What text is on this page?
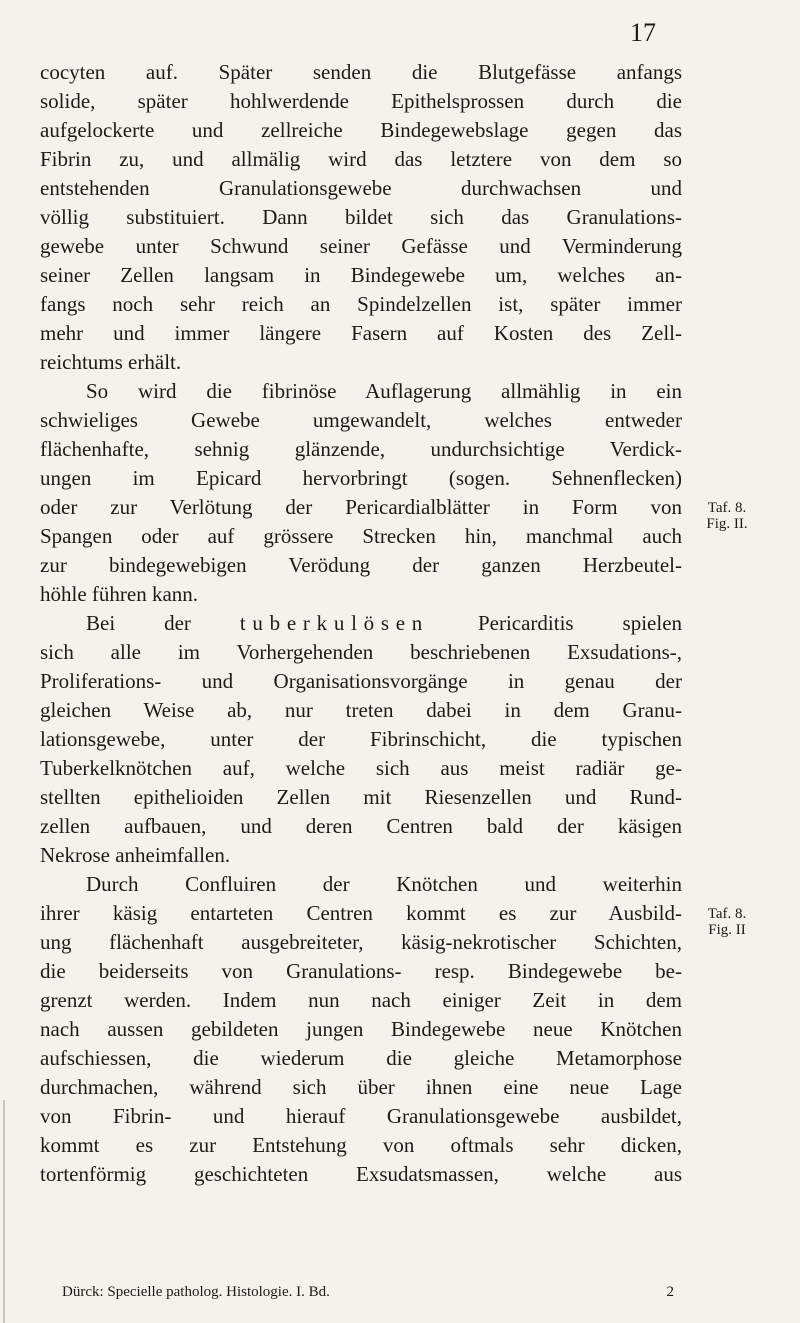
17
cocyten auf. Später senden die Blutgefässe anfangs
solide, später hohlwerdende Epithelsprossen durch die
aufgelockerte und zellreiche Bindegewebslage gegen das
Fibrin zu, und allmälig wird das letztere von dem so
entstehenden Granulationsgewebe durchwachsen und
völlig substituiert. Dann bildet sich das Granulations-
gewebe unter Schwund seiner Gefässe und Verminderung
seiner Zellen langsam in Bindegewebe um, welches an-
fangs noch sehr reich an Spindelzellen ist, später immer
mehr und immer längere Fasern auf Kosten des Zell-
reichtums erhält.
So wird die fibrinöse Auflagerung allmählig in ein
schwieliges Gewebe umgewandelt, welches entweder
flächenhafte, sehnig glänzende, undurchsichtige Verdick-
ungen im Epicard hervorbringt (sogen. Sehnenflecken)
oder zur Verlötung der Pericardialblätter in Form von
Spangen oder auf grössere Strecken hin, manchmal auch
zur bindegewebigen Verödung der ganzen Herzbeutel-
höhle führen kann.
Bei der tuberkulösen Pericarditis spielen
sich alle im Vorhergehenden beschriebenen Exsudations-,
Proliferations- und Organisationsvorgänge in genau der
gleichen Weise ab, nur treten dabei in dem Granu-
lationsgewebe, unter der Fibrinschicht, die typischen
Tuberkelknötchen auf, welche sich aus meist radiär ge-
stellten epithelioiden Zellen mit Riesenzellen und Rund-
zellen aufbauen, und deren Centren bald der käsigen
Nekrose anheimfallen.
Durch Confluiren der Knötchen und weiterhin
ihrer käsig entarteten Centren kommt es zur Ausbild-
ung flächenhaft ausgebreiteter, käsig-nekrotischer Schichten,
die beiderseits von Granulations- resp. Bindegewebe be-
grenzt werden. Indem nun nach einiger Zeit in dem
nach aussen gebildeten jungen Bindegewebe neue Knötchen
aufschiessen, die wiederum die gleiche Metamorphose
durchmachen, während sich über ihnen eine neue Lage
von Fibrin- und hierauf Granulationsgewebe ausbildet,
kommt es zur Entstehung von oftmals sehr dicken,
tortenförmig geschichteten Exsudatsmassen, welche aus
Taf. 8.
Fig. II.
Taf. 8.
Fig. II
Dürck: Specielle patholog. Histologie. I. Bd.	2
